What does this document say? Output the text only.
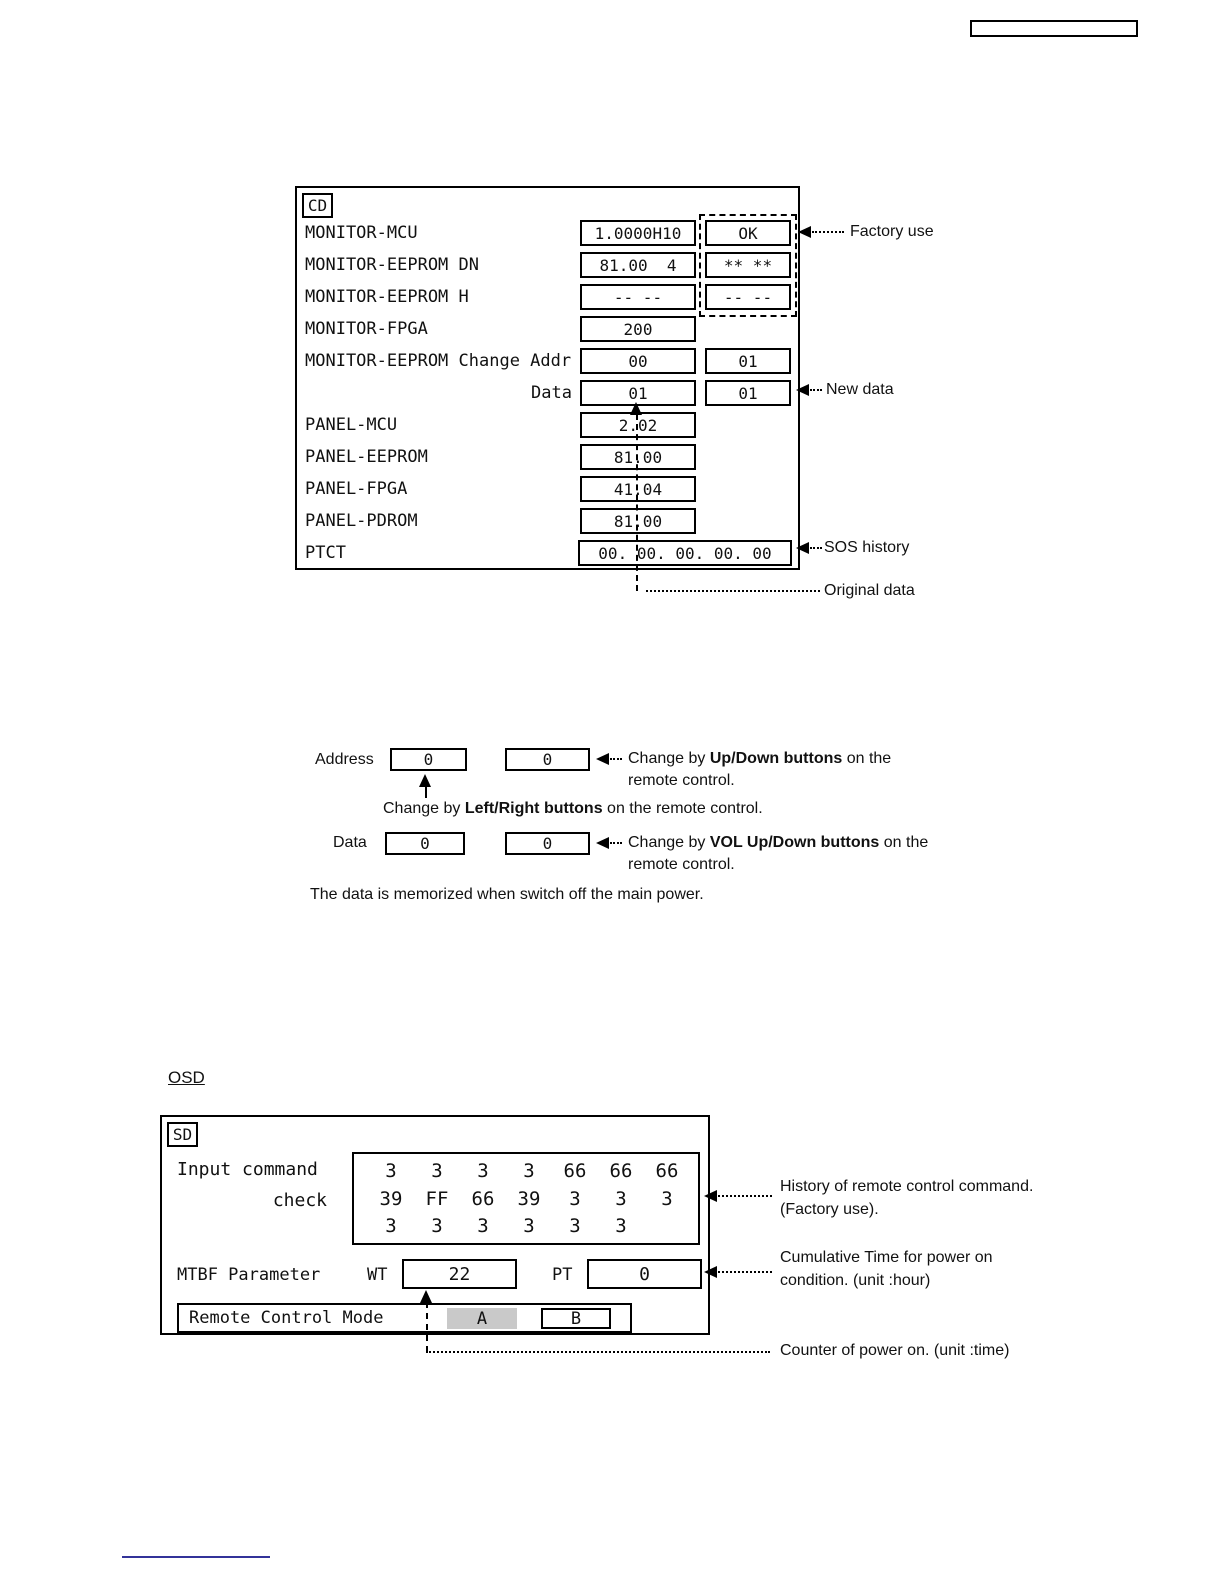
CD
MONITOR-MCU	1.0000H10	OK
MONITOR-EEPROM DN	81.00  4	** **
MONITOR-EEPROM H	-- --	-- --
MONITOR-FPGA	200
MONITOR-EEPROM Change Addr	00	01
Data	01	01
PANEL-MCU	2.02
PANEL-EEPROM	81.00
PANEL-FPGA	41.04
PANEL-PDROM	81.00
PTCT	00. 00. 00. 00. 00
Factory use
New data
SOS history
Original data
Address	0	0	Change by Up/Down buttons on the remote control.
Change by Left/Right buttons on the remote control.
Data	0	0	Change by VOL Up/Down buttons on the remote control.
The data is memorized when switch off the main power.
OSD
SD
Input command
check
3	3	3	3	66	66	66
39	FF	66	39	3	3	3
3	3	3	3	3	3
MTBF Parameter	WT	22	PT	0
Remote Control Mode	A	B
History of remote control command.
(Factory use).
Cumulative Time for power on
condition. (unit :hour)
Counter of power on. (unit :time)
